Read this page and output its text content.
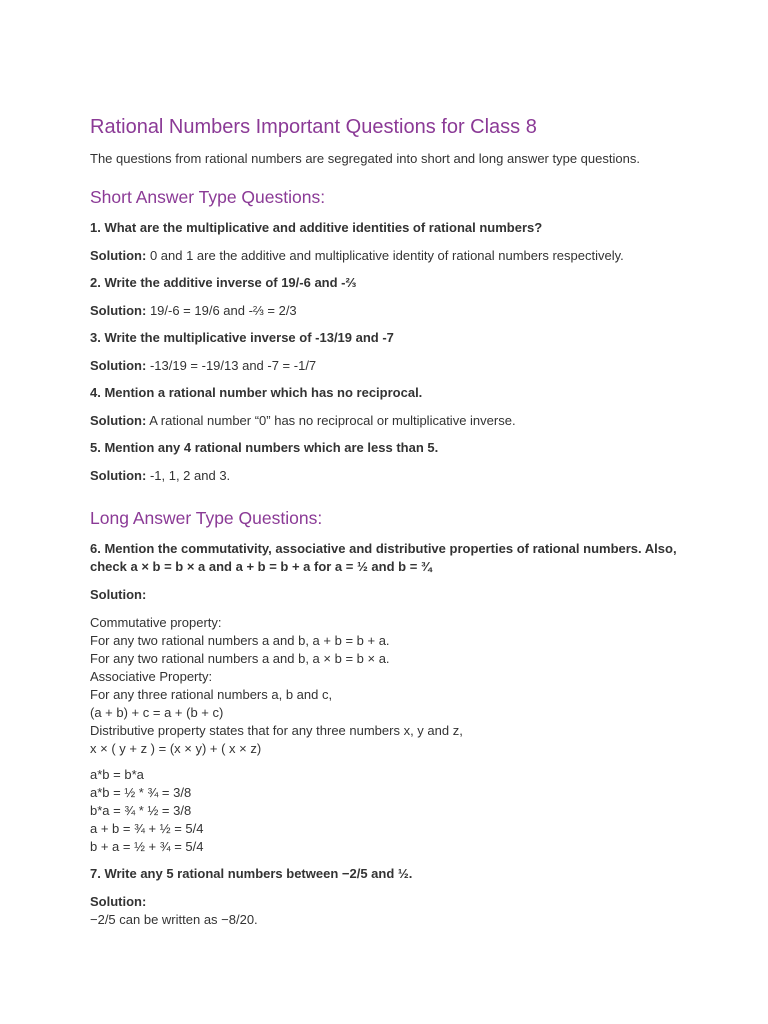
Rational Numbers Important Questions for Class 8

The questions from rational numbers are segregated into short and long answer type questions.

Short Answer Type Questions:

1. What are the multiplicative and additive identities of rational numbers?

Solution: 0 and 1 are the additive and multiplicative identity of rational numbers respectively.

2. Write the additive inverse of 19/-6 and -⅔

Solution: 19/-6 = 19/6 and -⅔ = 2/3

3. Write the multiplicative inverse of -13/19 and -7

Solution: -13/19 = -19/13 and -7 = -1/7

4. Mention a rational number which has no reciprocal.

Solution: A rational number “0” has no reciprocal or multiplicative inverse.

5. Mention any 4 rational numbers which are less than 5.

Solution: -1, 1, 2 and 3.

Long Answer Type Questions:

6. Mention the commutativity, associative and distributive properties of rational numbers. Also, check a × b = b × a and a + b = b + a for a = ½ and b = ¾

Solution:

Commutative property:
For any two rational numbers a and b, a + b = b + a.
For any two rational numbers a and b, a × b = b × a.
Associative Property:
For any three rational numbers a, b and c,
(a + b) + c = a + (b + c)
Distributive property states that for any three numbers x, y and z,
x × ( y + z ) = (x × y) + ( x × z)
a*b = b*a
a*b = ½ * ¾ = 3/8
b*a = ¾ * ½ = 3/8
a + b = ¾ + ½ = 5/4
b + a = ½ + ¾ = 5/4

7. Write any 5 rational numbers between −2/5 and ½.

Solution:

−2/5 can be written as −8/20.
